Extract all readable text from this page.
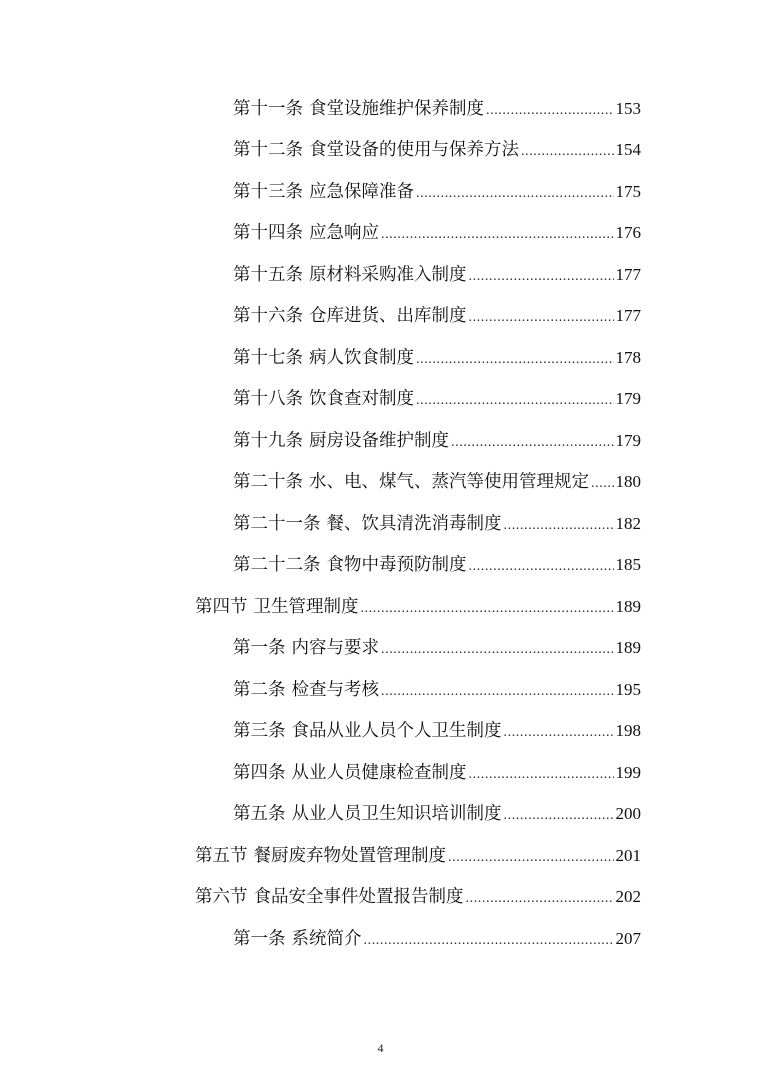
第十一条 食堂设施维护保养制度 .....	153
第十二条 食堂设备的使用与保养方法 .....	154
第十三条 应急保障准备 .....	175
第十四条 应急响应 .....	176
第十五条 原材料采购准入制度 .....	177
第十六条 仓库进货、出库制度 .....	177
第十七条 病人饮食制度 .....	178
第十八条 饮食查对制度 .....	179
第十九条 厨房设备维护制度 .....	179
第二十条 水、电、煤气、蒸汽等使用管理规定 ..... 180
第二十一条 餐、饮具清洗消毒制度 .....	182
第二十二条 食物中毒预防制度 .....	185
第四节 卫生管理制度 .....	189
第一条 内容与要求 .....	189
第二条 检查与考核 .....	195
第三条 食品从业人员个人卫生制度 .....	198
第四条 从业人员健康检查制度 .....	199
第五条 从业人员卫生知识培训制度 .....	200
第五节 餐厨废弃物处置管理制度 .....	201
第六节 食品安全事件处置报告制度 .....	202
第一条 系统简介 .....	207
4
